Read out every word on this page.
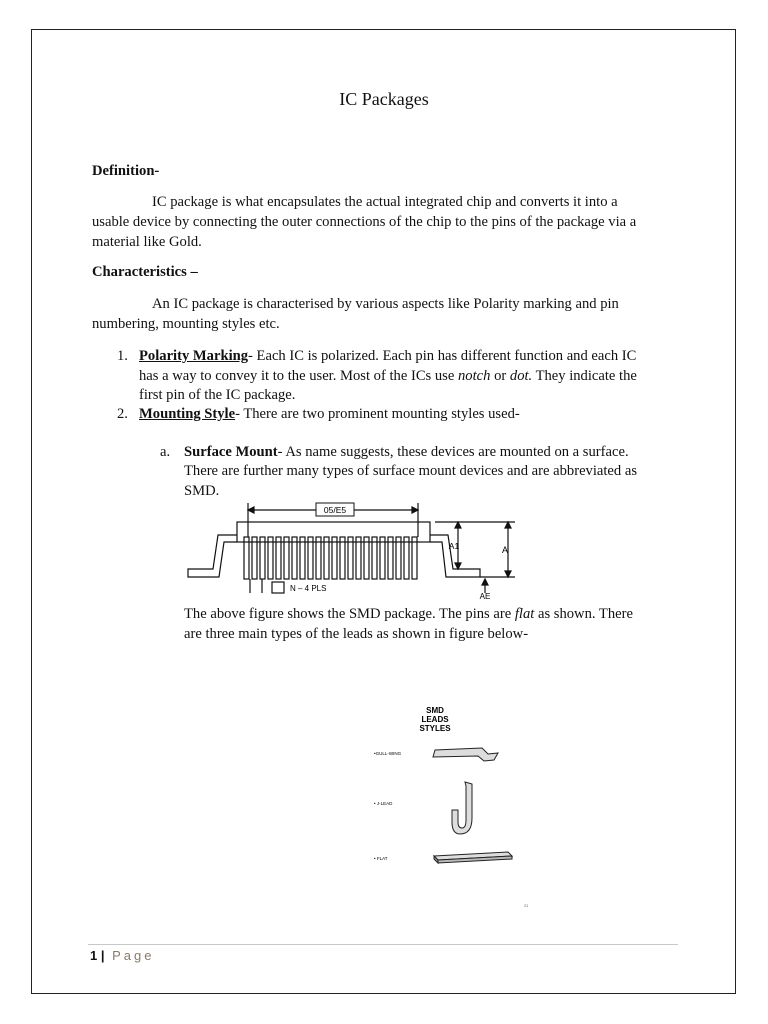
IC Packages
Definition-
IC package is what encapsulates the actual integrated chip and converts it into a
usable device by connecting the outer connections of the chip to the pins of the package via a
material like Gold.
Characteristics –
An IC package is characterised by various aspects like Polarity marking and pin
numbering, mounting styles etc.
1. Polarity Marking- Each IC is polarized. Each pin has different function and each IC
has a way to convey it to the user. Most of the ICs use notch or dot. They indicate the
first pin of the IC package.
2. Mounting Style- There are two prominent mounting styles used-
a. Surface Mount- As name suggests, these devices are mounted on a surface.
There are further many types of surface mount devices and are abbreviated as
SMD.
05/E5
A1	A
AE
N – 4 PLS
The above figure shows the SMD package. The pins are flat as shown. There
are three main types of the leads as shown in figure below-
SMD
LEADS
STYLES
•GULL-WING
• J-LEAD
• FLAT
21
1 | Page
